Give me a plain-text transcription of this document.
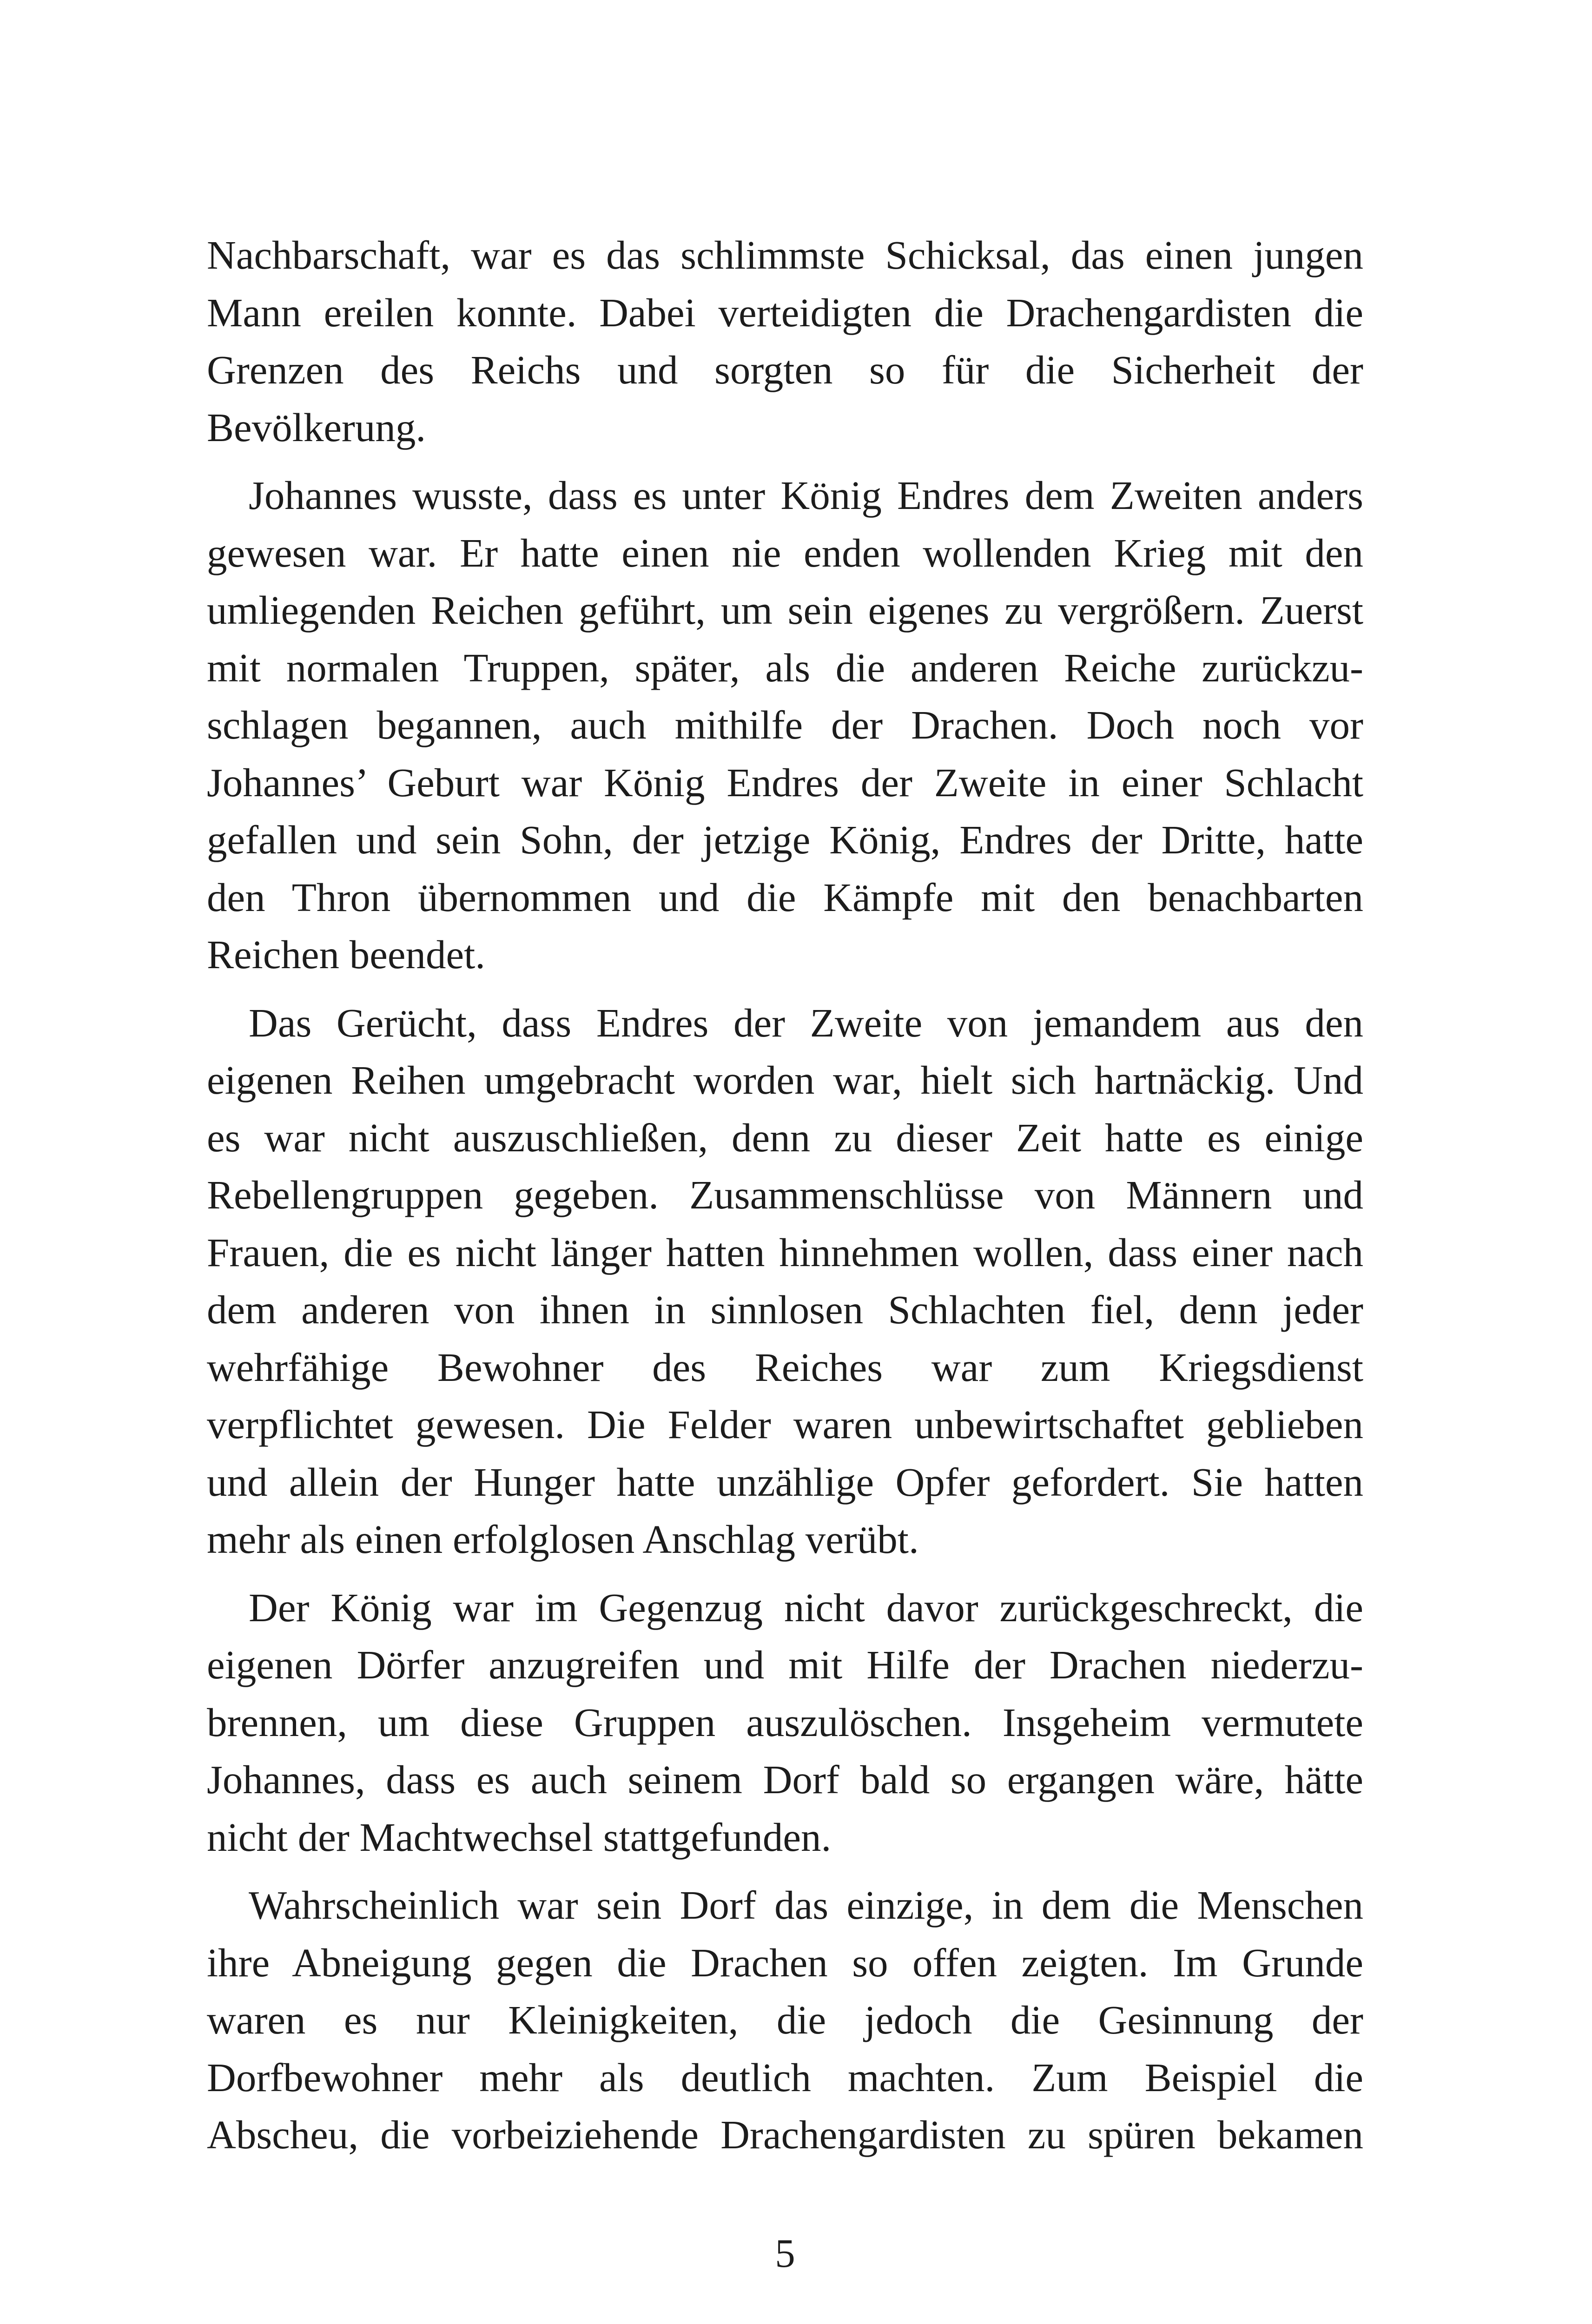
Nachbarschaft, war es das schlimmste Schicksal, das einen jungen
Mann ereilen konnte. Dabei verteidigten die Drachengardisten die
Grenzen des Reichs und sorgten so für die Sicherheit der
Bevölkerung.
Johannes wusste, dass es unter König Endres dem Zweiten anders
gewesen war. Er hatte einen nie enden wollenden Krieg mit den
umliegenden Reichen geführt, um sein eigenes zu vergrößern. Zuerst
mit normalen Truppen, später, als die anderen Reiche zurückzu-
schlagen begannen, auch mithilfe der Drachen. Doch noch vor
Johannes’ Geburt war König Endres der Zweite in einer Schlacht
gefallen und sein Sohn, der jetzige König, Endres der Dritte, hatte
den Thron übernommen und die Kämpfe mit den benachbarten
Reichen beendet.
Das Gerücht, dass Endres der Zweite von jemandem aus den
eigenen Reihen umgebracht worden war, hielt sich hartnäckig. Und
es war nicht auszuschließen, denn zu dieser Zeit hatte es einige
Rebellengruppen gegeben. Zusammenschlüsse von Männern und
Frauen, die es nicht länger hatten hinnehmen wollen, dass einer nach
dem anderen von ihnen in sinnlosen Schlachten fiel, denn jeder
wehrfähige Bewohner des Reiches war zum Kriegsdienst
verpflichtet gewesen. Die Felder waren unbewirtschaftet geblieben
und allein der Hunger hatte unzählige Opfer gefordert. Sie hatten
mehr als einen erfolglosen Anschlag verübt.
Der König war im Gegenzug nicht davor zurückgeschreckt, die
eigenen Dörfer anzugreifen und mit Hilfe der Drachen niederzu-
brennen, um diese Gruppen auszulöschen. Insgeheim vermutete
Johannes, dass es auch seinem Dorf bald so ergangen wäre, hätte
nicht der Machtwechsel stattgefunden.
Wahrscheinlich war sein Dorf das einzige, in dem die Menschen
ihre Abneigung gegen die Drachen so offen zeigten. Im Grunde
waren es nur Kleinigkeiten, die jedoch die Gesinnung der
Dorfbewohner mehr als deutlich machten. Zum Beispiel die
Abscheu, die vorbeiziehende Drachengardisten zu spüren bekamen
5
